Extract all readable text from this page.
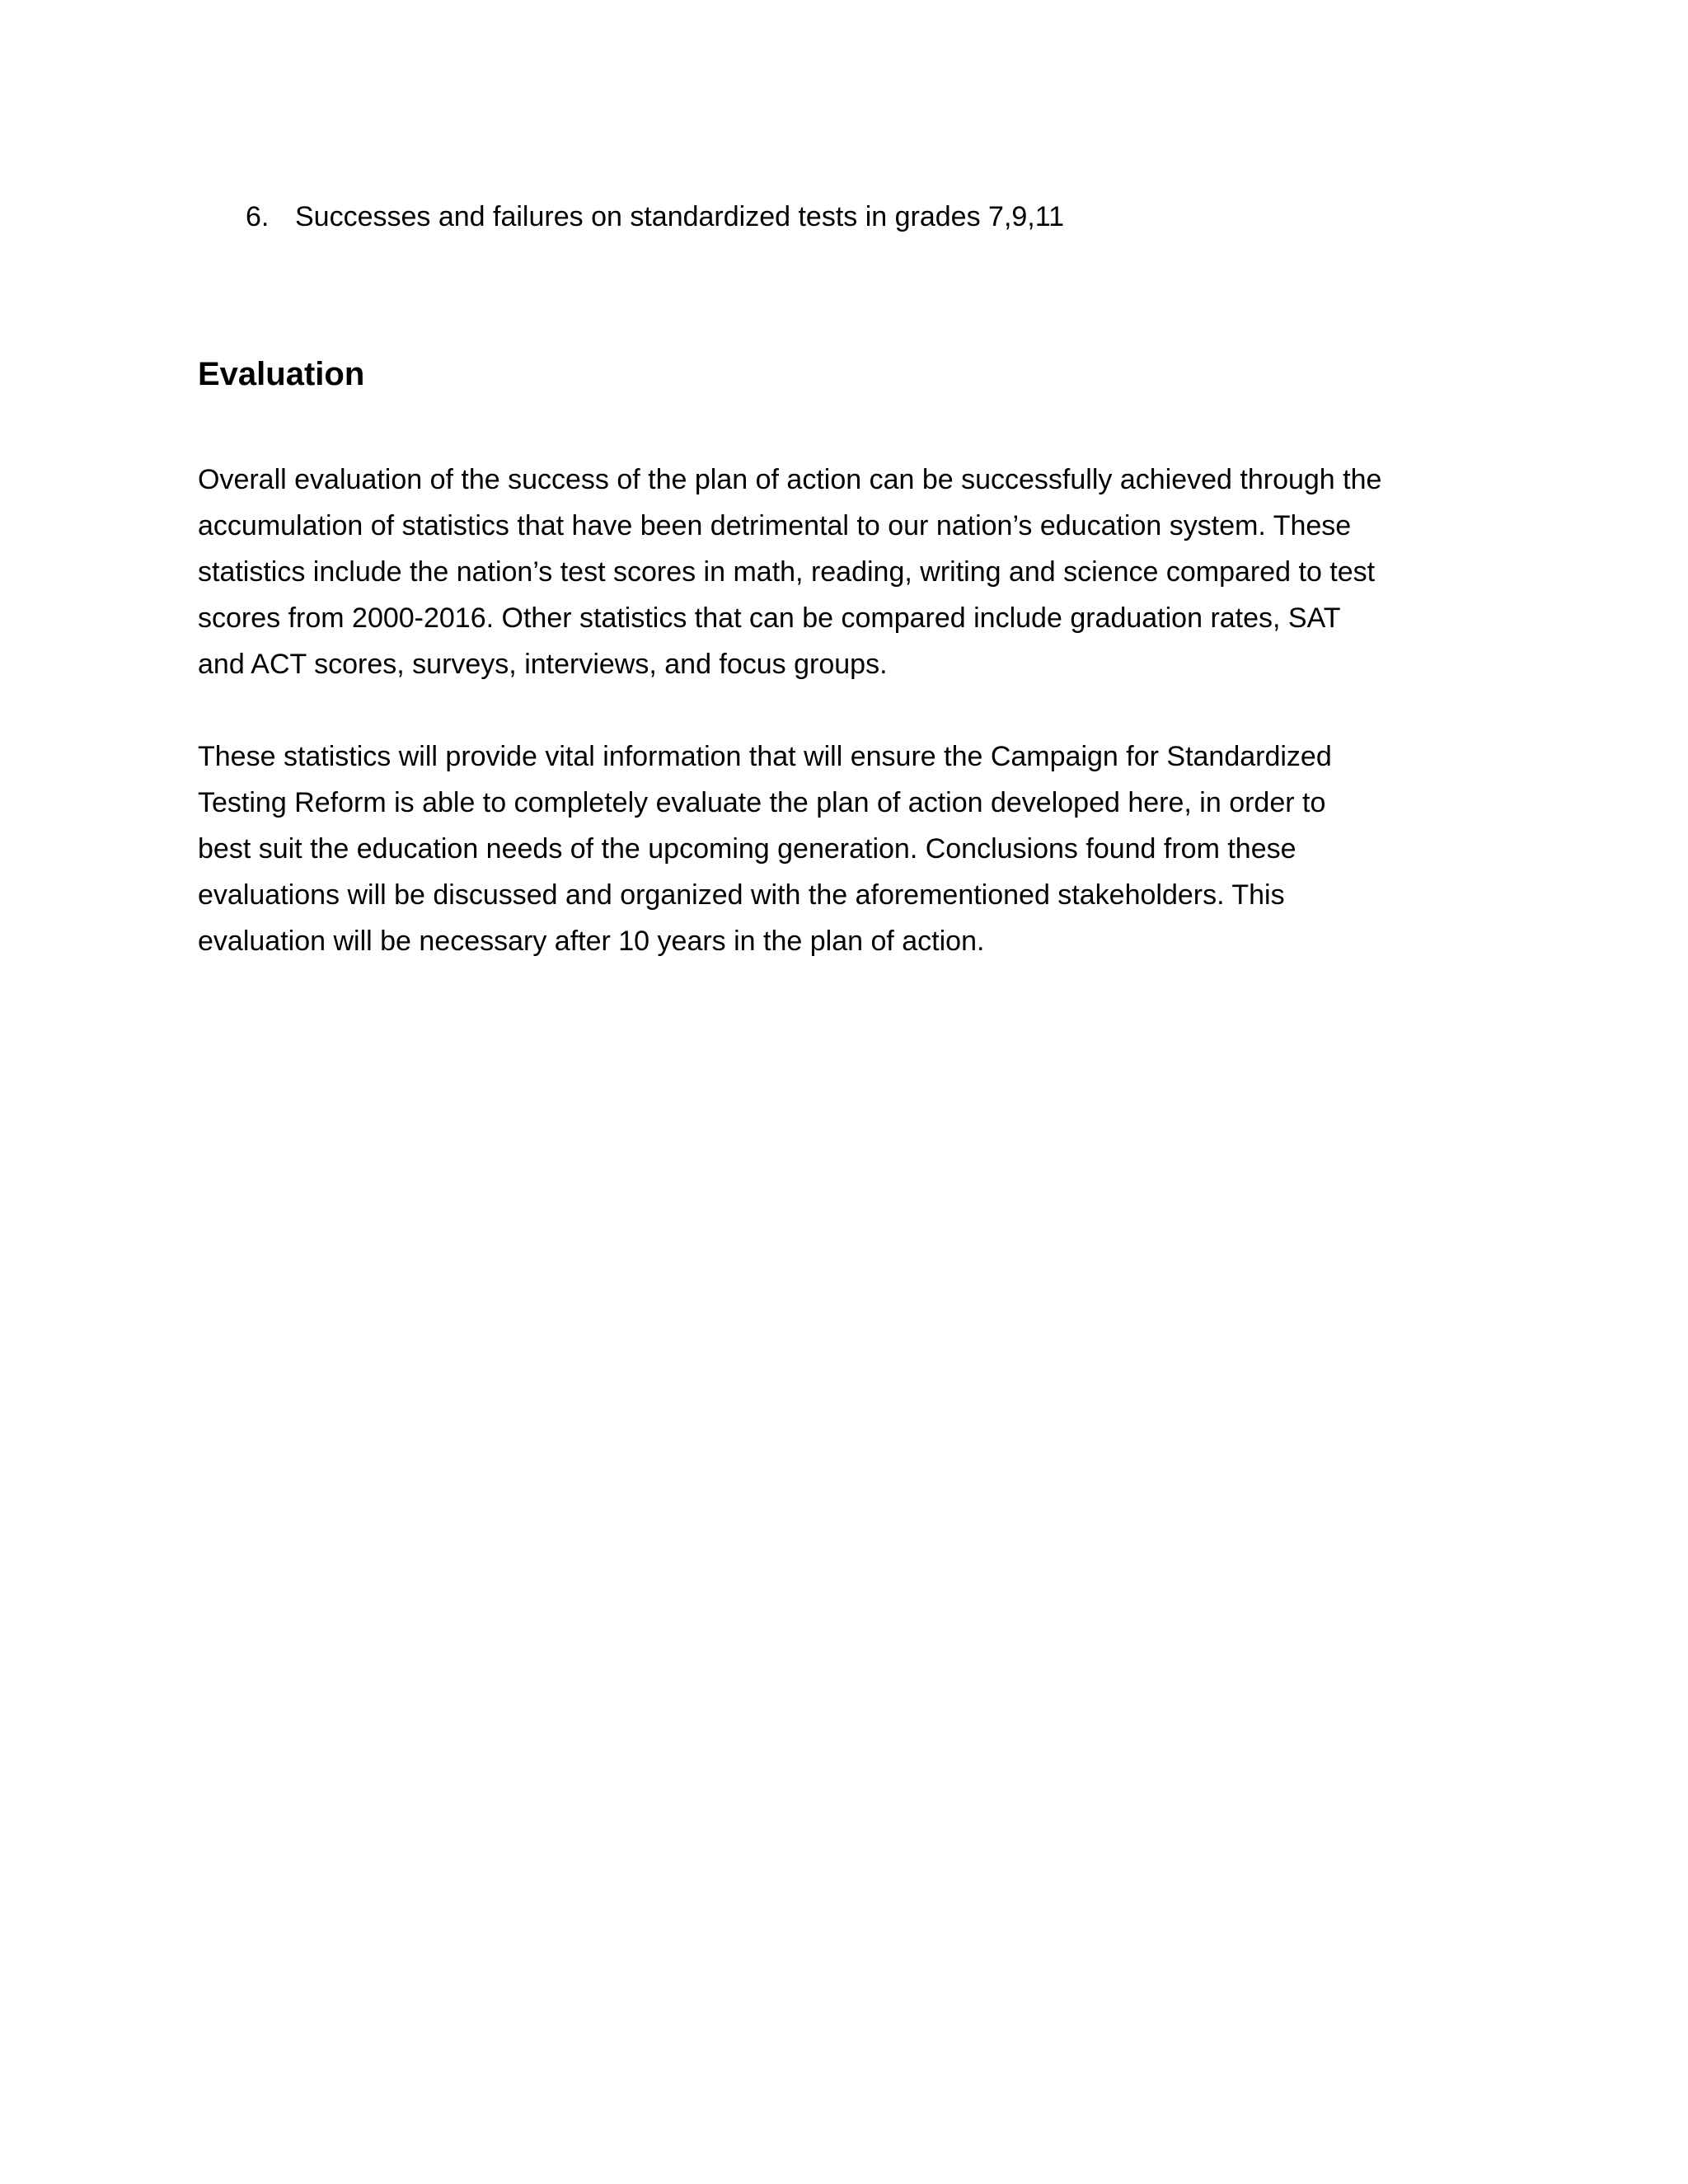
6. Successes and failures on standardized tests in grades 7,9,11
Evaluation

Overall evaluation of the success of the plan of action can be successfully achieved through the
accumulation of statistics that have been detrimental to our nation’s education system. These
statistics include the nation’s test scores in math, reading, writing and science compared to test
scores from 2000-2016. Other statistics that can be compared include graduation rates, SAT
and ACT scores, surveys, interviews, and focus groups.

These statistics will provide vital information that will ensure the Campaign for Standardized
Testing Reform is able to completely evaluate the plan of action developed here, in order to
best suit the education needs of the upcoming generation. Conclusions found from these
evaluations will be discussed and organized with the aforementioned stakeholders. This
evaluation will be necessary after 10 years in the plan of action.
